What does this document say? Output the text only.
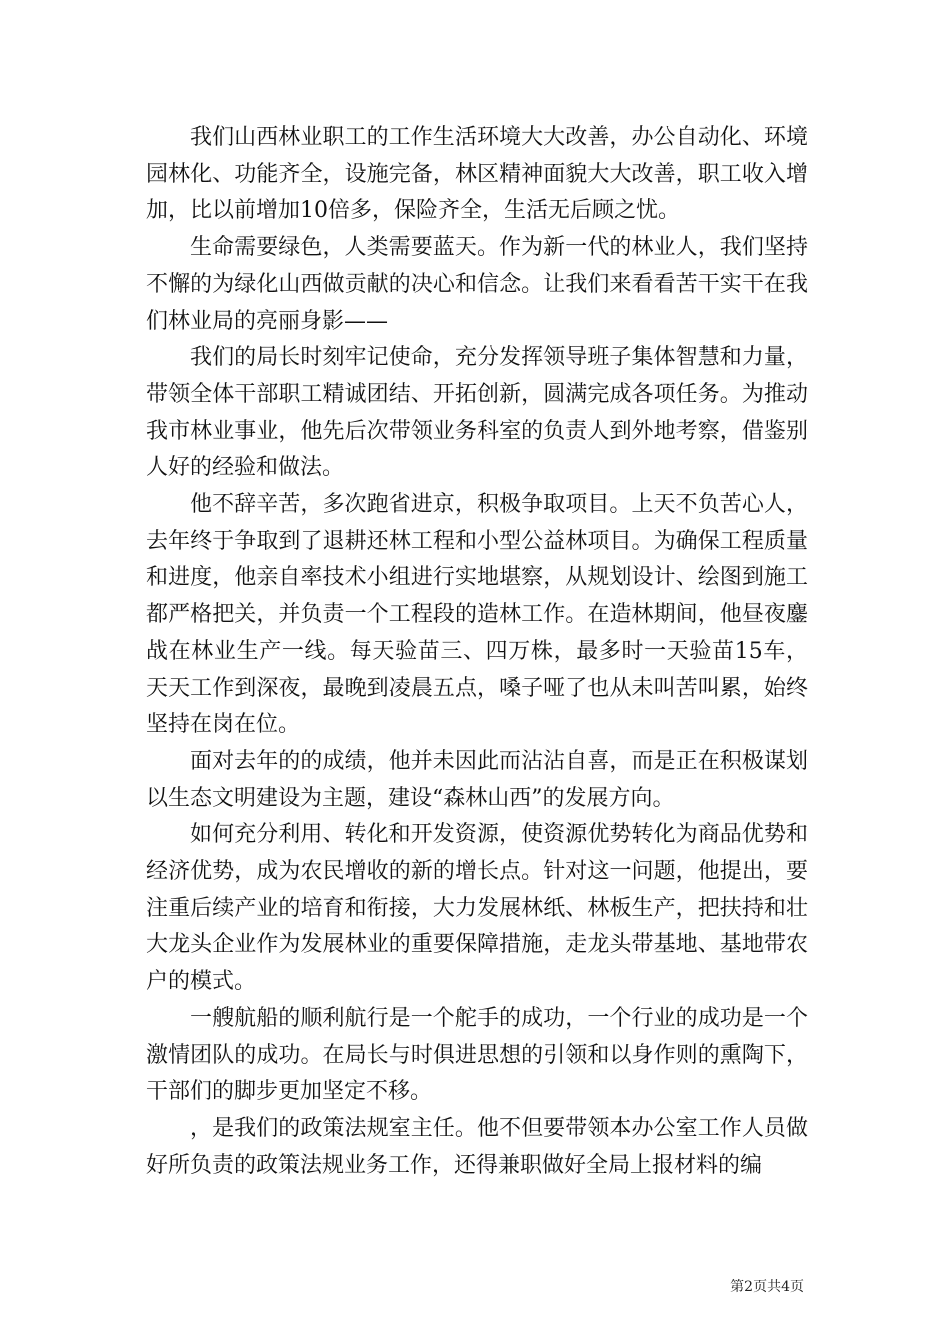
我们山西林业职工的工作生活环境大大改善，办公自动化、环境园林化、功能齐全，设施完备，林区精神面貌大大改善，职工收入增加，比以前增加10倍多，保险齐全，生活无后顾之忧。

生命需要绿色，人类需要蓝天。作为新一代的林业人，我们坚持不懈的为绿化山西做贡献的决心和信念。让我们来看看苦干实干在我们林业局的亮丽身影——

我们的局长时刻牢记使命，充分发挥领导班子集体智慧和力量，带领全体干部职工精诚团结、开拓创新，圆满完成各项任务。为推动我市林业事业，他先后次带领业务科室的负责人到外地考察，借鉴别人好的经验和做法。

他不辞辛苦，多次跑省进京，积极争取项目。上天不负苦心人，去年终于争取到了退耕还林工程和小型公益林项目。为确保工程质量和进度，他亲自率技术小组进行实地堪察，从规划设计、绘图到施工都严格把关，并负责一个工程段的造林工作。在造林期间，他昼夜鏖战在林业生产一线。每天验苗三、四万株，最多时一天验苗15车，天天工作到深夜，最晚到凌晨五点，嗓子哑了也从未叫苦叫累，始终坚持在岗在位。

面对去年的的成绩，他并未因此而沾沾自喜，而是正在积极谋划以生态文明建设为主题，建设“森林山西”的发展方向。

如何充分利用、转化和开发资源，使资源优势转化为商品优势和经济优势，成为农民增收的新的增长点。针对这一问题，他提出，要注重后续产业的培育和衔接，大力发展林纸、林板生产，把扶持和壮大龙头企业作为发展林业的重要保障措施，走龙头带基地、基地带农户的模式。

一艘航船的顺利航行是一个舵手的成功，一个行业的成功是一个激情团队的成功。在局长与时俱进思想的引领和以身作则的熏陶下，干部们的脚步更加坚定不移。

，是我们的政策法规室主任。他不但要带领本办公室工作人员做好所负责的政策法规业务工作，还得兼职做好全局上报材料的编

第2页共4页
